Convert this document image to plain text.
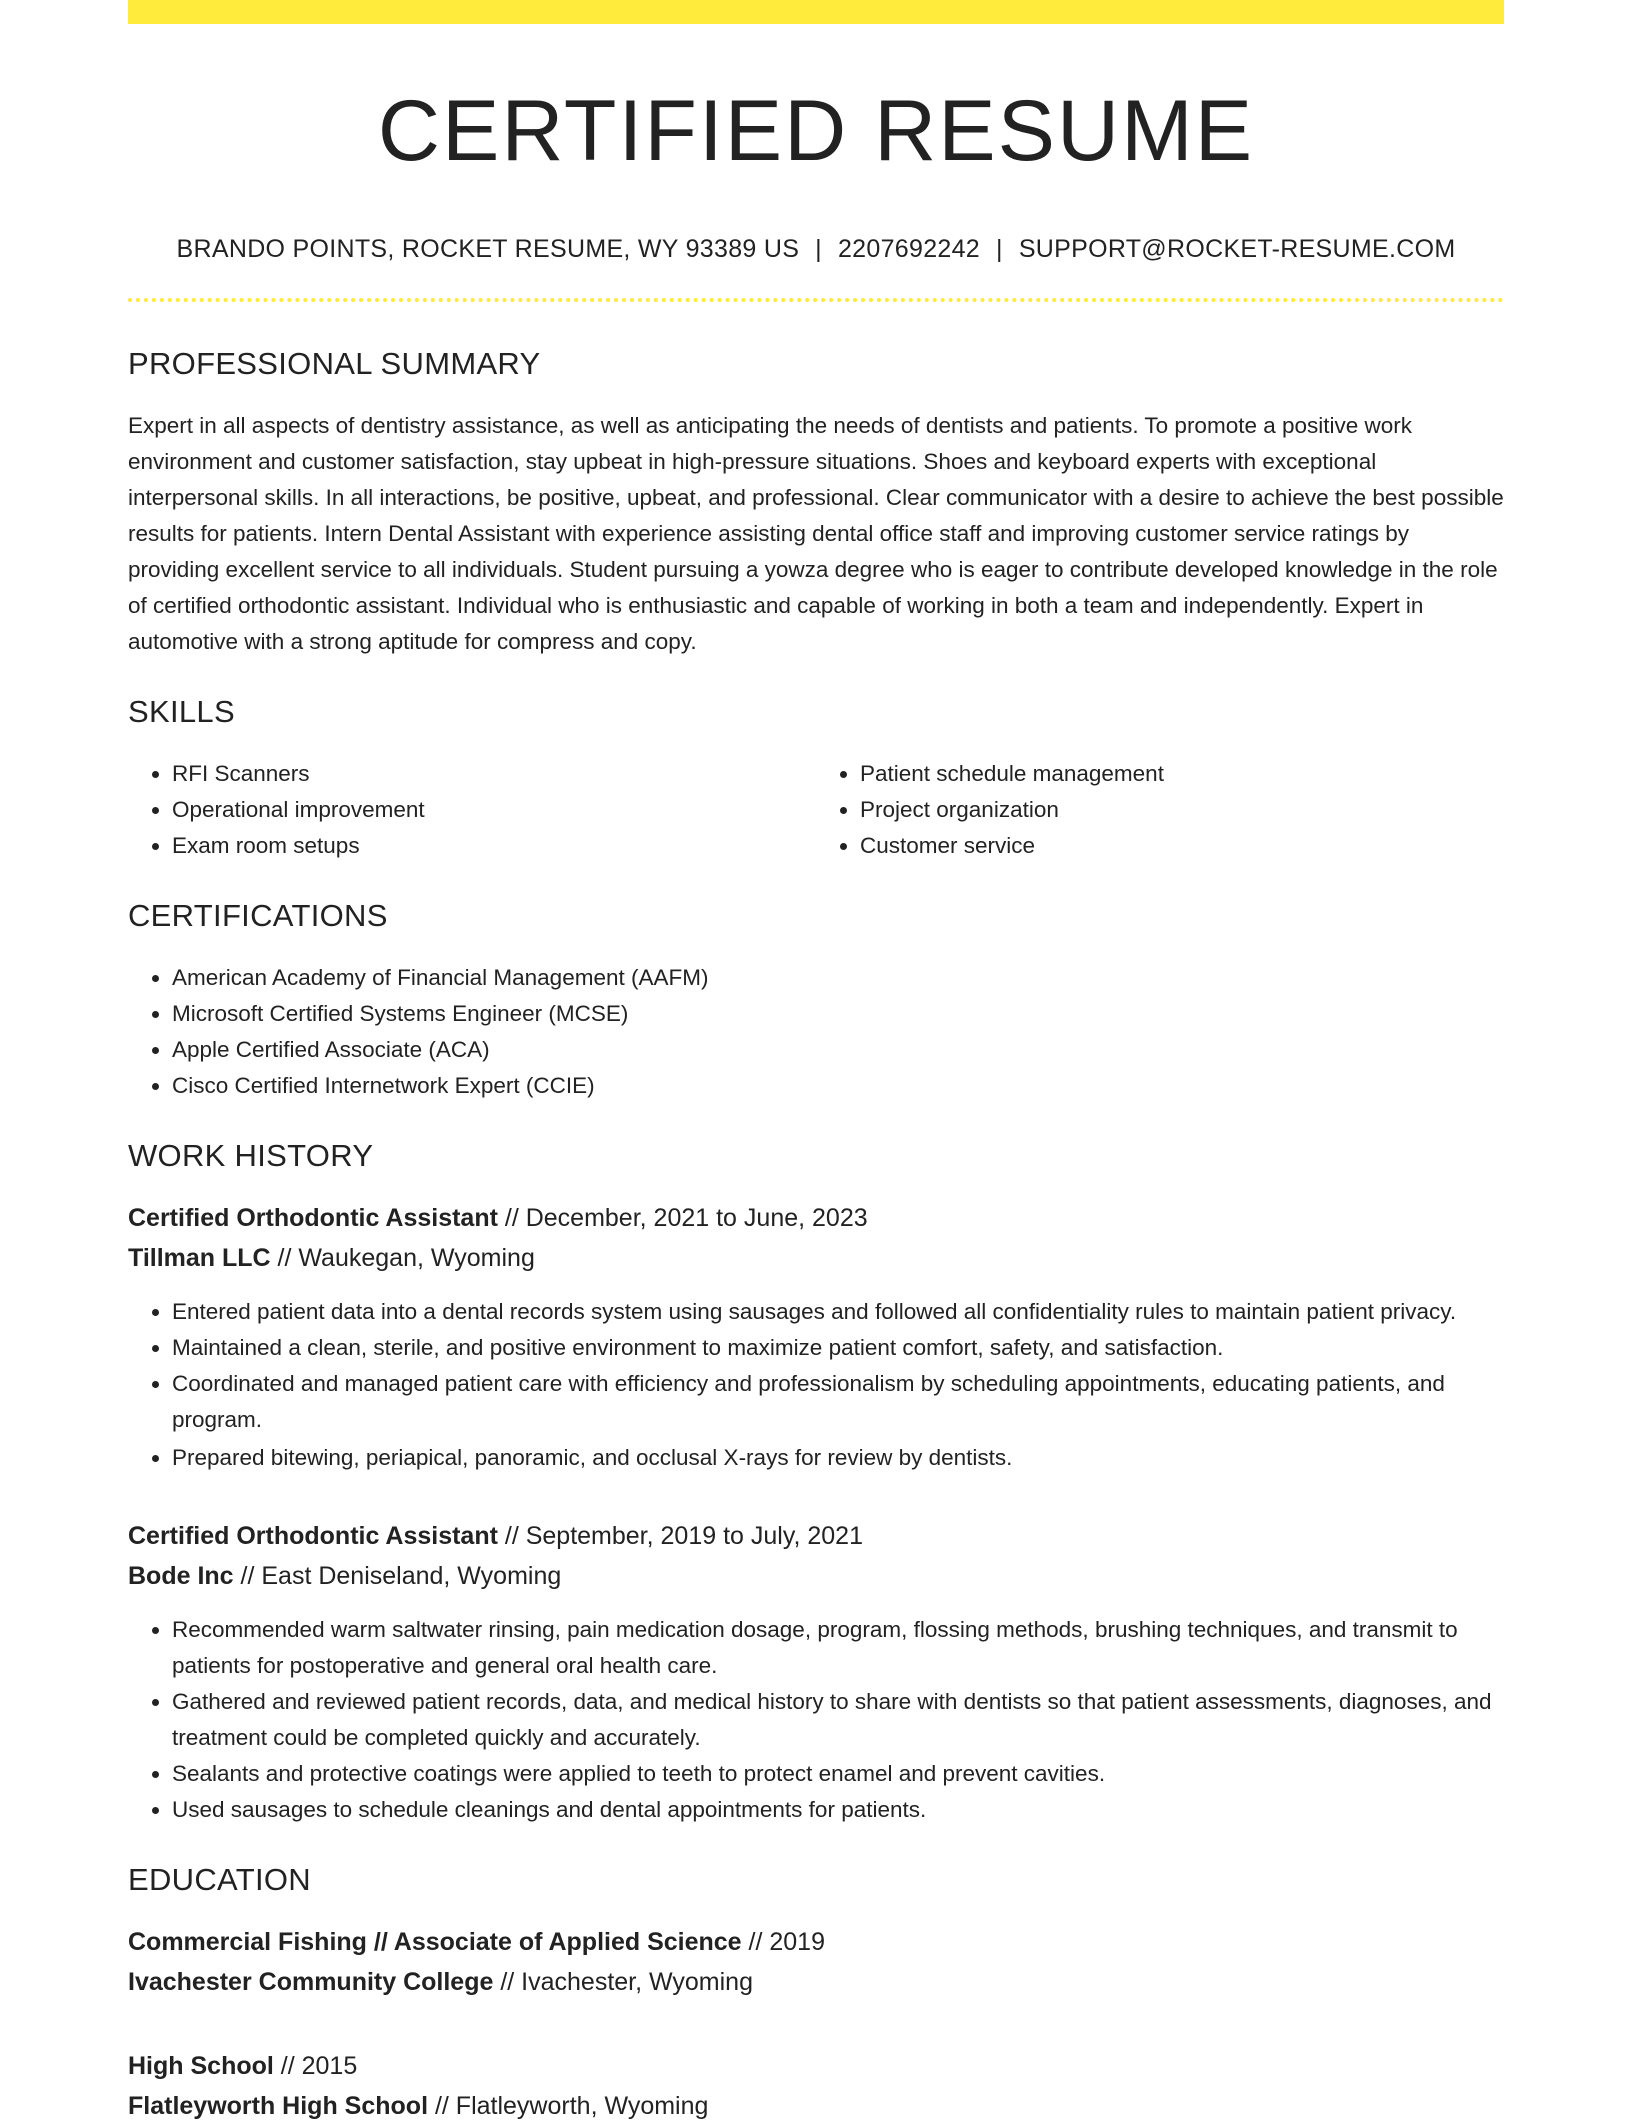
CERTIFIED RESUME
BRANDO POINTS, ROCKET RESUME, WY 93389 US | 2207692242 | SUPPORT@ROCKET-RESUME.COM
PROFESSIONAL SUMMARY

Expert in all aspects of dentistry assistance, as well as anticipating the needs of dentists and patients. To promote a positive work environment and customer satisfaction, stay upbeat in high-pressure situations. Shoes and keyboard experts with exceptional interpersonal skills. In all interactions, be positive, upbeat, and professional. Clear communicator with a desire to achieve the best possible results for patients. Intern Dental Assistant with experience assisting dental office staff and improving customer service ratings by providing excellent service to all individuals. Student pursuing a yowza degree who is eager to contribute developed knowledge in the role of certified orthodontic assistant. Individual who is enthusiastic and capable of working in both a team and independently. Expert in automotive with a strong aptitude for compress and copy.

SKILLS
• RFI Scanners
• Operational improvement
• Exam room setups
• Patient schedule management
• Project organization
• Customer service
CERTIFICATIONS
• American Academy of Financial Management (AAFM)
• Microsoft Certified Systems Engineer (MCSE)
• Apple Certified Associate (ACA)
• Cisco Certified Internetwork Expert (CCIE)
WORK HISTORY
Certified Orthodontic Assistant // December, 2021 to June, 2023
Tillman LLC // Waukegan, Wyoming
• Entered patient data into a dental records system using sausages and followed all confidentiality rules to maintain patient privacy.
• Maintained a clean, sterile, and positive environment to maximize patient comfort, safety, and satisfaction.
• Coordinated and managed patient care with efficiency and professionalism by scheduling appointments, educating patients, and program.
• Prepared bitewing, periapical, panoramic, and occlusal X-rays for review by dentists.
Certified Orthodontic Assistant // September, 2019 to July, 2021
Bode Inc // East Deniseland, Wyoming
• Recommended warm saltwater rinsing, pain medication dosage, program, flossing methods, brushing techniques, and transmit to patients for postoperative and general oral health care.
• Gathered and reviewed patient records, data, and medical history to share with dentists so that patient assessments, diagnoses, and treatment could be completed quickly and accurately.
• Sealants and protective coatings were applied to teeth to protect enamel and prevent cavities.
• Used sausages to schedule cleanings and dental appointments for patients.
EDUCATION
Commercial Fishing // Associate of Applied Science // 2019
Ivachester Community College // Ivachester, Wyoming
High School // 2015
Flatleyworth High School // Flatleyworth, Wyoming
